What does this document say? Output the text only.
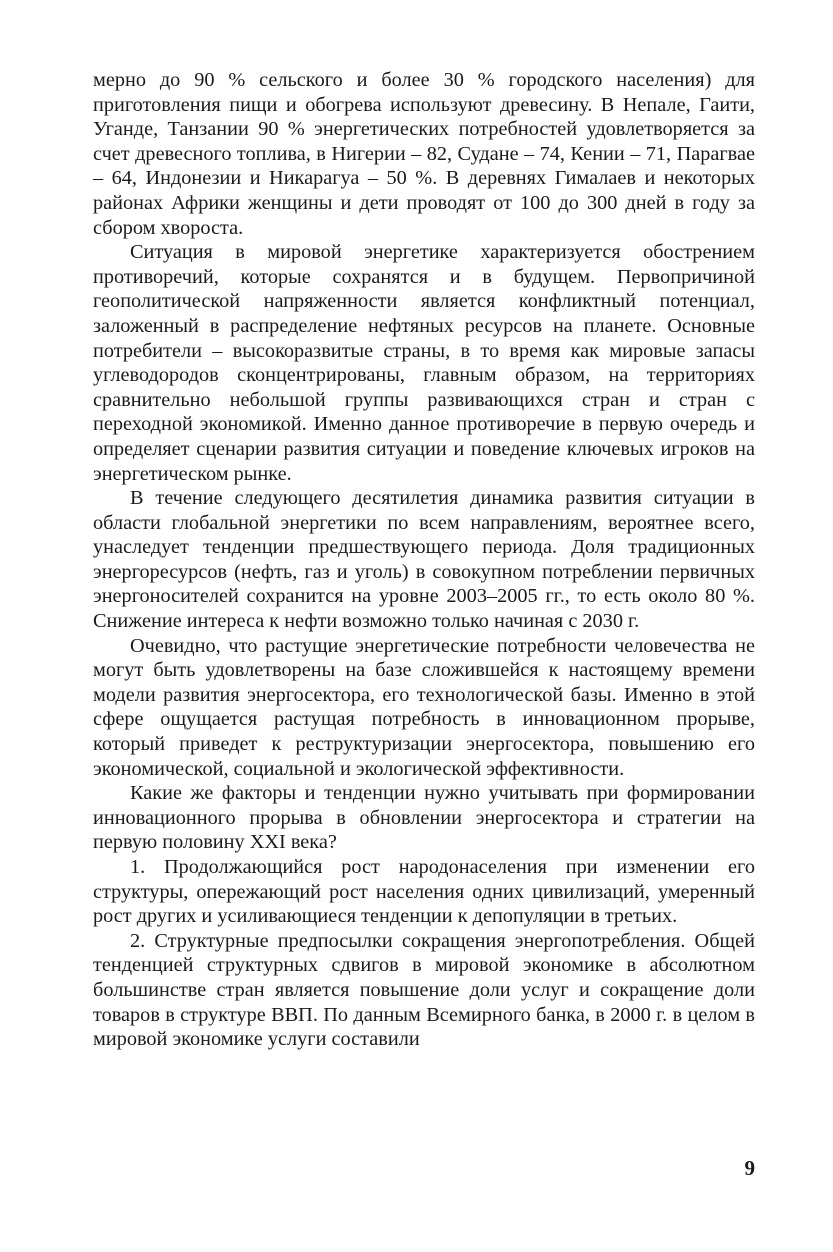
мерно до 90 % сельского и более 30 % городского населения) для приготовления пищи и обогрева используют древесину. В Непале, Гаити, Уганде, Танзании 90 % энергетических потребностей удовлетворяется за счет древесного топлива, в Нигерии – 82, Судане – 74, Кении – 71, Парагвае – 64, Индонезии и Никарагуа – 50 %. В деревнях Гималаев и некоторых районах Африки женщины и дети проводят от 100 до 300 дней в году за сбором хвороста.

Ситуация в мировой энергетике характеризуется обострением противоречий, которые сохранятся и в будущем. Первопричиной геополитической напряженности является конфликтный потенциал, заложенный в распределение нефтяных ресурсов на планете. Основные потребители – высокоразвитые страны, в то время как мировые запасы углеводородов сконцентрированы, главным образом, на территориях сравнительно небольшой группы развивающихся стран и стран с переходной экономикой. Именно данное противоречие в первую очередь и определяет сценарии развития ситуации и поведение ключевых игроков на энергетическом рынке.

В течение следующего десятилетия динамика развития ситуации в области глобальной энергетики по всем направлениям, вероятнее всего, унаследует тенденции предшествующего периода. Доля традиционных энергоресурсов (нефть, газ и уголь) в совокупном потреблении первичных энергоносителей сохранится на уровне 2003–2005 гг., то есть около 80 %. Снижение интереса к нефти возможно только начиная с 2030 г.

Очевидно, что растущие энергетические потребности человечества не могут быть удовлетворены на базе сложившейся к настоящему времени модели развития энергосектора, его технологической базы. Именно в этой сфере ощущается растущая потребность в инновационном прорыве, который приведет к реструктуризации энергосектора, повышению его экономической, социальной и экологической эффективности.

Какие же факторы и тенденции нужно учитывать при формировании инновационного прорыва в обновлении энергосектора и стратегии на первую половину XXI века?

1. Продолжающийся рост народонаселения при изменении его структуры, опережающий рост населения одних цивилизаций, умеренный рост других и усиливающиеся тенденции к депопуляции в третьих.

2. Структурные предпосылки сокращения энергопотребления. Общей тенденцией структурных сдвигов в мировой экономике в абсолютном большинстве стран является повышение доли услуг и сокращение доли товаров в структуре ВВП. По данным Всемирного банка, в 2000 г. в целом в мировой экономике услуги составили

9
